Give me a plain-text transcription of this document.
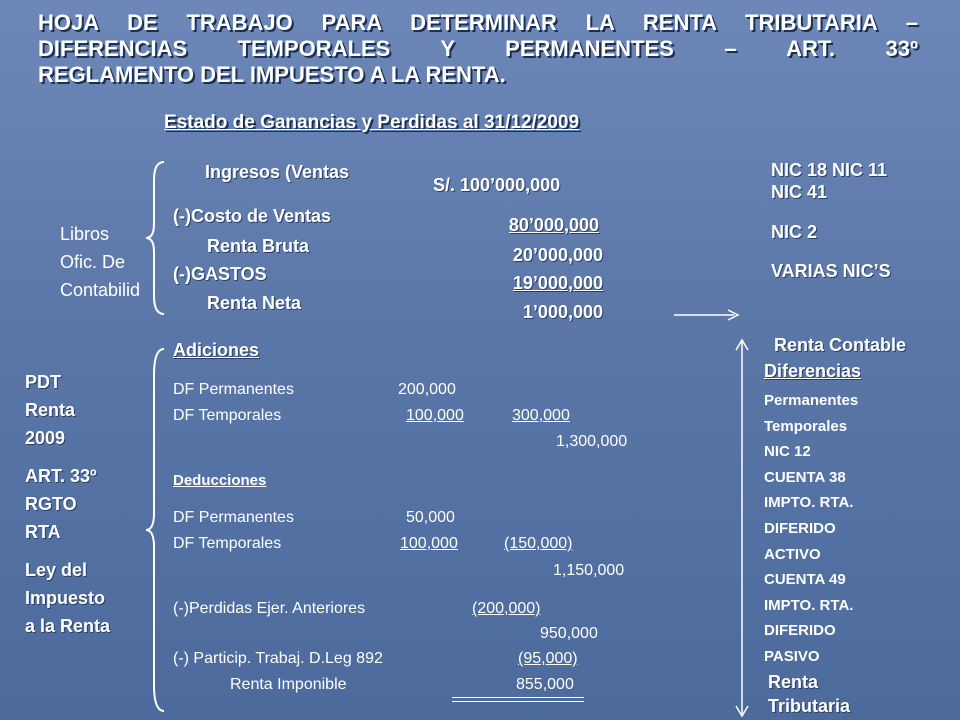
HOJA DE TRABAJO PARA DETERMINAR LA RENTA TRIBUTARIA –
DIFERENCIAS TEMPORALES Y PERMANENTES – ART. 33º
REGLAMENTO DEL IMPUESTO A LA RENTA.
Estado de Ganancias y Perdidas al 31/12/2009
Libros
Ofic. De
Contabilid
Ingresos (Ventas
S/. 100’000,000
(-)Costo de Ventas	80’000,000
Renta Bruta	20’000,000
(-)GASTOS	19’000,000
Renta Neta	1’000,000
Adiciones
DF Permanentes	200,000
DF Temporales	100,000	300,000
1,300,000
Deducciones
DF Permanentes	50,000
DF Temporales	100,000	(150,000)
1,150,000
(-)Perdidas Ejer. Anteriores	(200,000)
950,000
(-) Particip. Trabaj. D.Leg 892	(95,000)
Renta Imponible	855,000
PDT
Renta
2009
ART. 33º
RGTO
RTA
Ley del
Impuesto
a la Renta
NIC 18 NIC 11
NIC 41
NIC 2
VARIAS NIC’S
Renta Contable
Diferencias
Permanentes
Temporales
NIC 12
CUENTA 38
IMPTO. RTA.
DIFERIDO
ACTIVO
CUENTA 49
IMPTO. RTA.
DIFERIDO
PASIVO
Renta
Tributaria
